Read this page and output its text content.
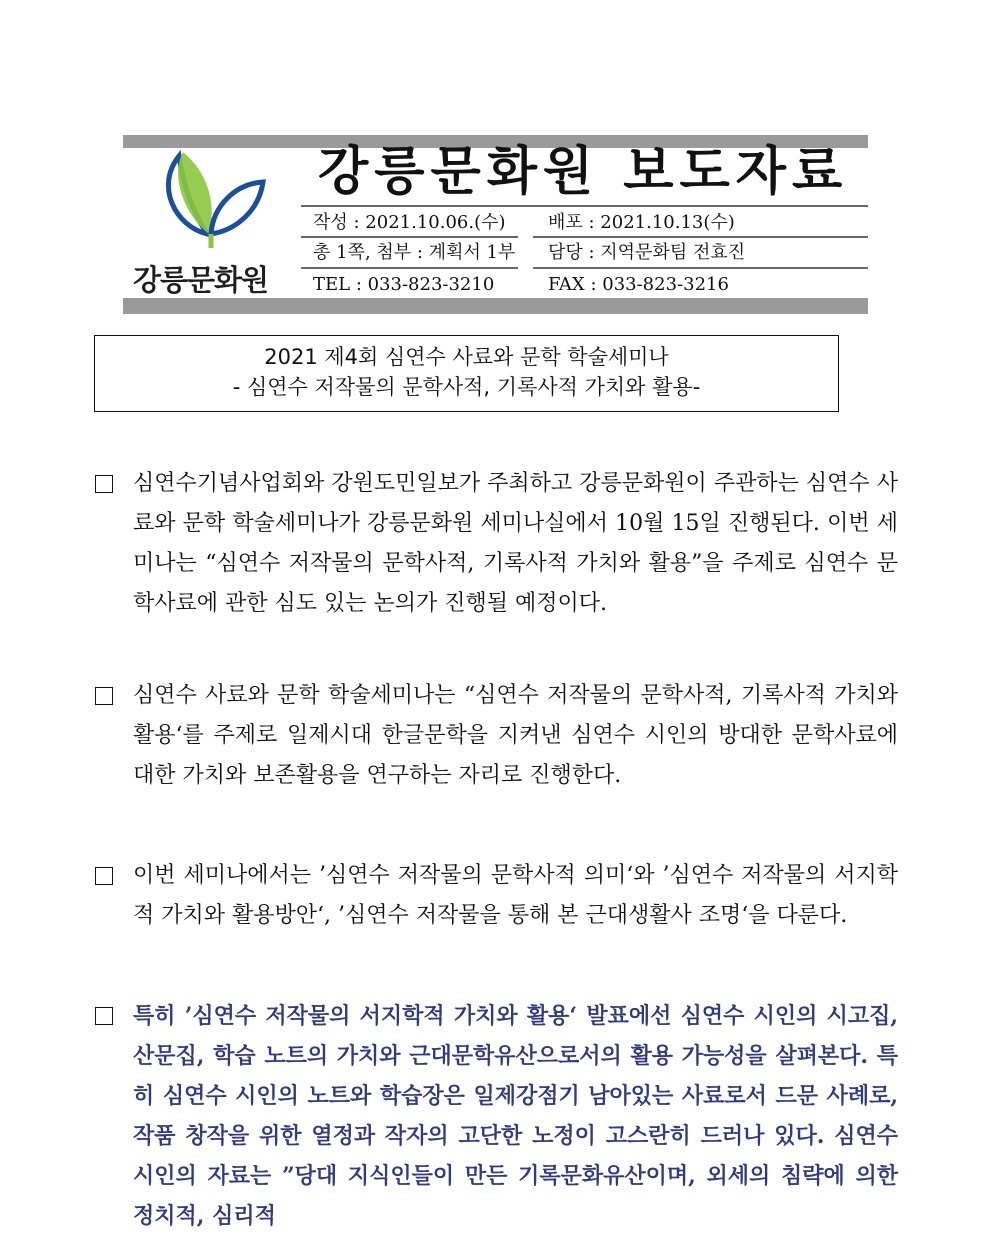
강릉문화원
강릉문화원 보도자료
작성 : 2021.10.06.(수) 배포 : 2021.10.13(수)
총 1쪽, 첨부 : 계획서 1부 담당 : 지역문화팀 전효진
TEL : 033-823-3210	FAX : 033-823-3216
2021 제4회 심연수 사료와 문학 학술세미나
- 심연수 저작물의 문학사적, 기록사적 가치와 활용-
심연수기념사업회와 강원도민일보가 주최하고 강릉문화원이 주관하는 심연수 사료와 문학 학술세미나가 강릉문화원 세미나실에서 10월 15일 진행된다. 이번 세미나는 “심연수 저작물의 문학사적, 기록사적 가치와 활용”을 주제로 심연수 문학사료에 관한 심도 있는 논의가 진행될 예정이다.
심연수 사료와 문학 학술세미나는 “심연수 저작물의 문학사적, 기록사적 가치와 활용‘를 주제로 일제시대 한글문학을 지켜낸 심연수 시인의 방대한 문학사료에 대한 가치와 보존활용을 연구하는 자리로 진행한다.
이번 세미나에서는 ’심연수 저작물의 문학사적 의미‘와 ’심연수 저작물의 서지학적 가치와 활용방안‘, ’심연수 저작물을 통해 본 근대생활사 조명‘을 다룬다.
특히 ’심연수 저작물의 서지학적 가치와 활용‘ 발표에선 심연수 시인의 시고집, 산문집, 학습 노트의 가치와 근대문학유산으로서의 활용 가능성을 살펴본다. 특히 심연수 시인의 노트와 학습장은 일제강점기 남아있는 사료로서 드문 사례로, 작품 창작을 위한 열정과 작자의 고단한 노정이 고스란히 드러나 있다. 심연수 시인의 자료는 ”당대 지식인들이 만든 기록문화유산이며, 외세의 침략에 의한 정치적, 심리적
